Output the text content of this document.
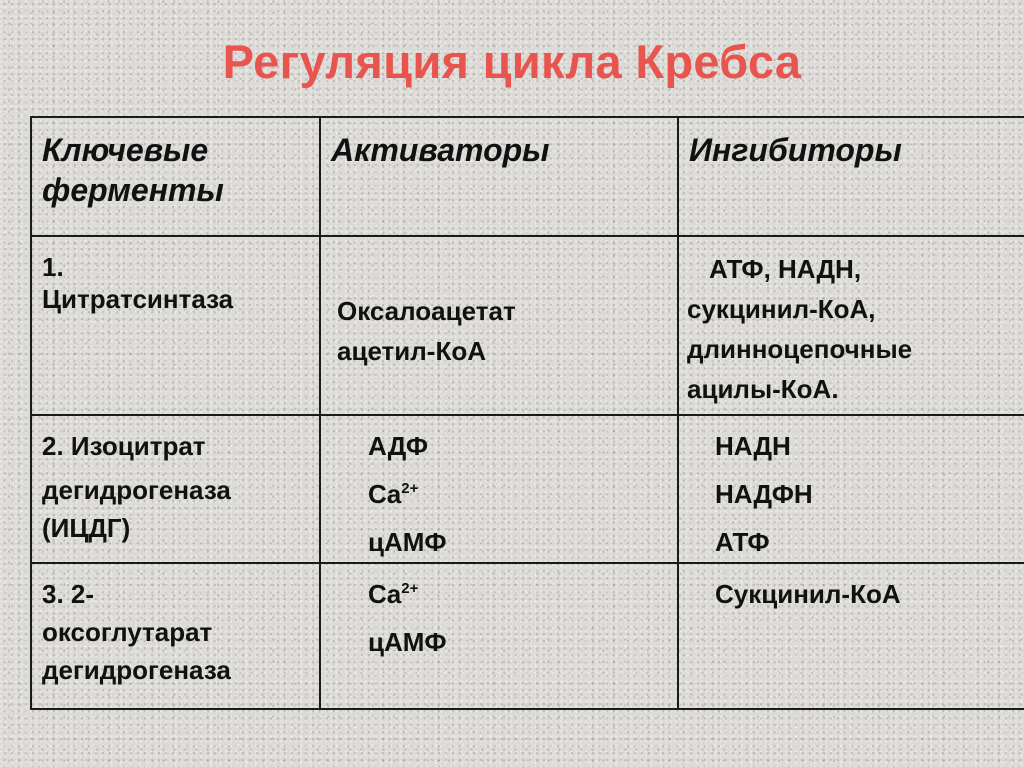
Регуляция цикла Кребса
Ключевые ферменты
Активаторы	Ингибиторы
1.
Цитратсинтаза	Оксалоацетат
ацетил-КоА
АТФ, НАДН,
сукцинил-КоА,
длинноцепочные
ацилы-КоА.
2. Изоцитрат
дегидрогеназа
(ИЦДГ)
АДФ
$Ca^{2+}$
цАМФ
НАДН
НАДФН
АТФ
3. 2-
оксоглутарат
дегидрогеназа
$Ca^{2+}$
цАМФ
Сукцинил-КоА
